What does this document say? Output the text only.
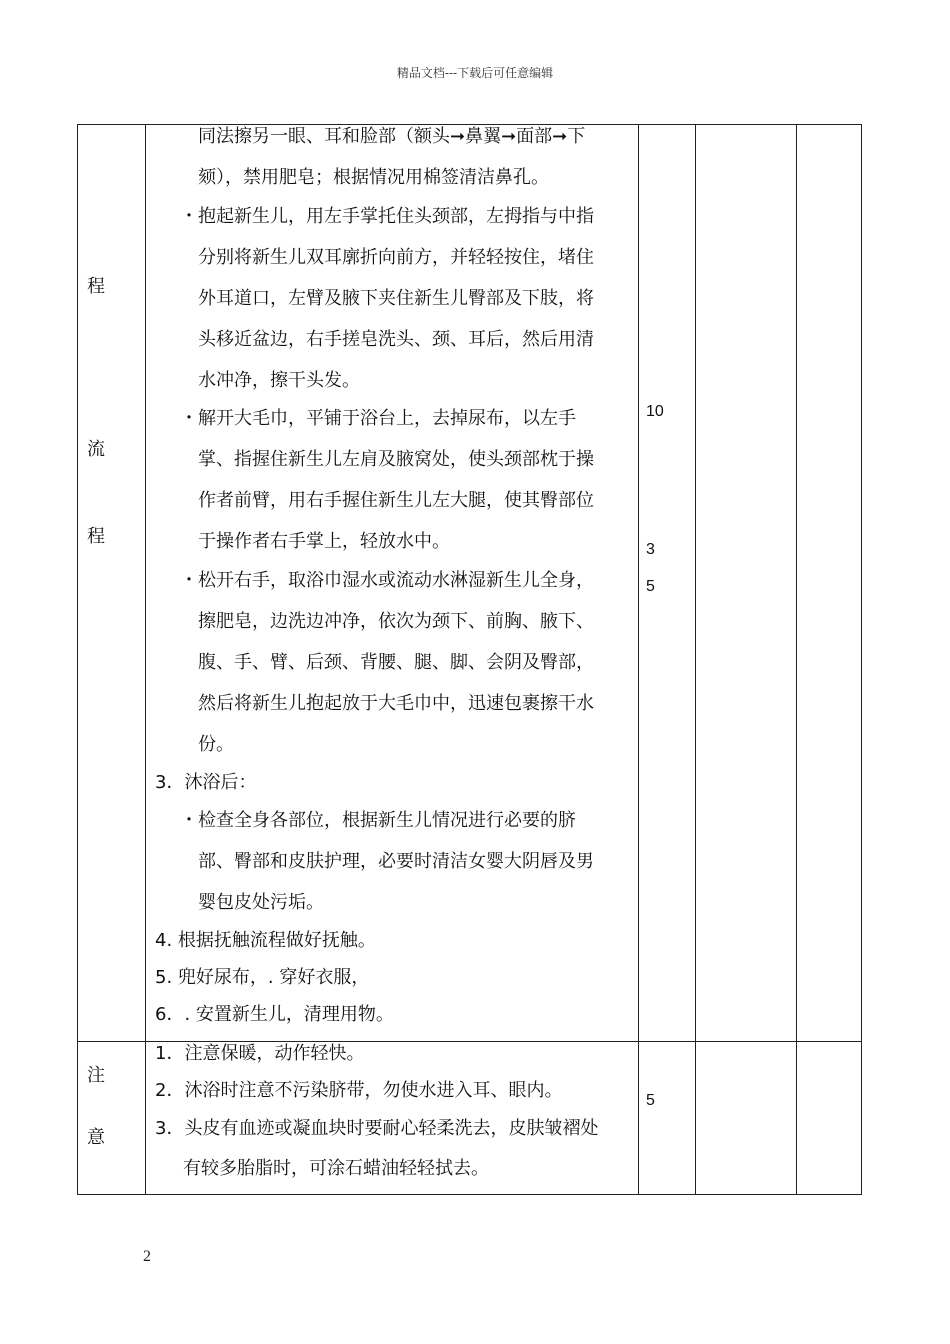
精品文档---下载后可任意编辑
程
流
程
同法擦另一眼、耳和脸部（额头➞鼻翼➞面部➞下
颏），禁用肥皂；根据情况用棉签清洁鼻孔。
・抱起新生儿，用左手掌托住头颈部，左拇指与中指
分别将新生儿双耳廓折向前方，并轻轻按住，堵住
外耳道口，左臂及腋下夹住新生儿臀部及下肢，将
头移近盆边，右手搓皂洗头、颈、耳后，然后用清
水冲净，擦干头发。
・解开大毛巾，平铺于浴台上，去掉尿布，以左手
掌、指握住新生儿左肩及腋窝处，使头颈部枕于操
作者前臂，用右手握住新生儿左大腿，使其臀部位
于操作者右手掌上，轻放水中。
・松开右手，取浴巾湿水或流动水淋湿新生儿全身，
擦肥皂，边洗边冲净，依次为颈下、前胸、腋下、
腹、手、臂、后颈、背腰、腿、脚、会阴及臀部，
然后将新生儿抱起放于大毛巾中，迅速包裹擦干水
份。
3．沐浴后：
・检查全身各部位，根据新生儿情况进行必要的脐
部、臀部和皮肤护理，必要时清洁女婴大阴唇及男
婴包皮处污垢。
4. 根据抚触流程做好抚触。
5. 兜好尿布，. 穿好衣服，
6．. 安置新生儿，清理用物。
10
3
5
注
意
1．注意保暖，动作轻快。
2．沐浴时注意不污染脐带，勿使水进入耳、眼内。
3．头皮有血迹或凝血块时要耐心轻柔洗去，皮肤皱褶处
有较多胎脂时，可涂石蜡油轻轻拭去。
5
2
